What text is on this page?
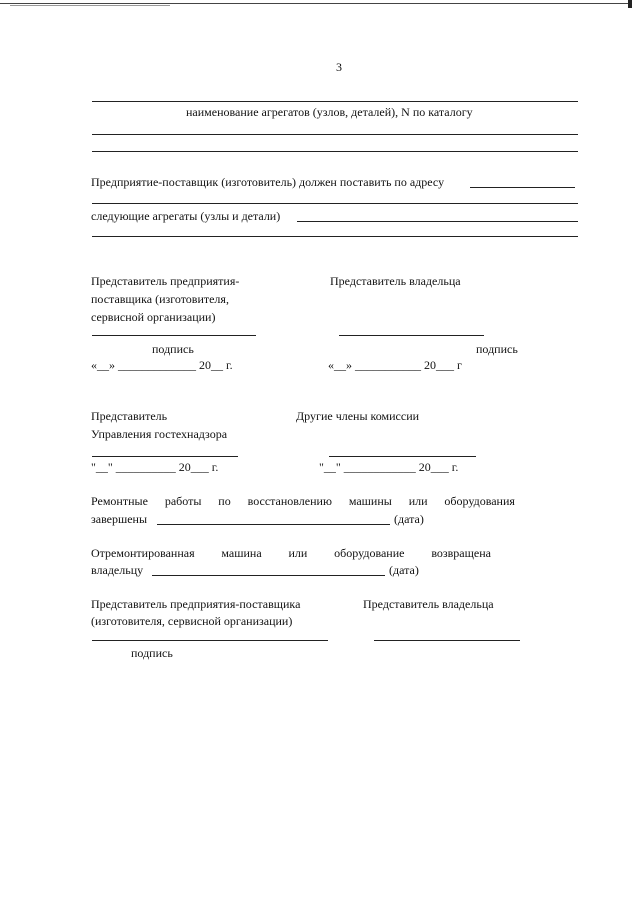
3
наименование агрегатов (узлов, деталей), N по каталогу
Предприятие-поставщик (изготовитель) должен поставить по адресу
следующие агрегаты (узлы и детали)
Представитель предприятия-
поставщика (изготовителя,
сервисной организации)
Представитель владельца
подпись	подпись
«__» _____________ 20__ г.	«__» ___________ 20___ г
Представитель
Управления гостехнадзора
Другие члены комиссии
"__" __________ 20___ г.	"__" ____________ 20___ г.
Ремонтные работы по восстановлению машины или оборудования
завершены	(дата)
Отремонтированная машина или оборудование возвращена
владельцу	(дата)
Представитель предприятия-поставщика
(изготовителя, сервисной организации)
Представитель владельца
подпись
